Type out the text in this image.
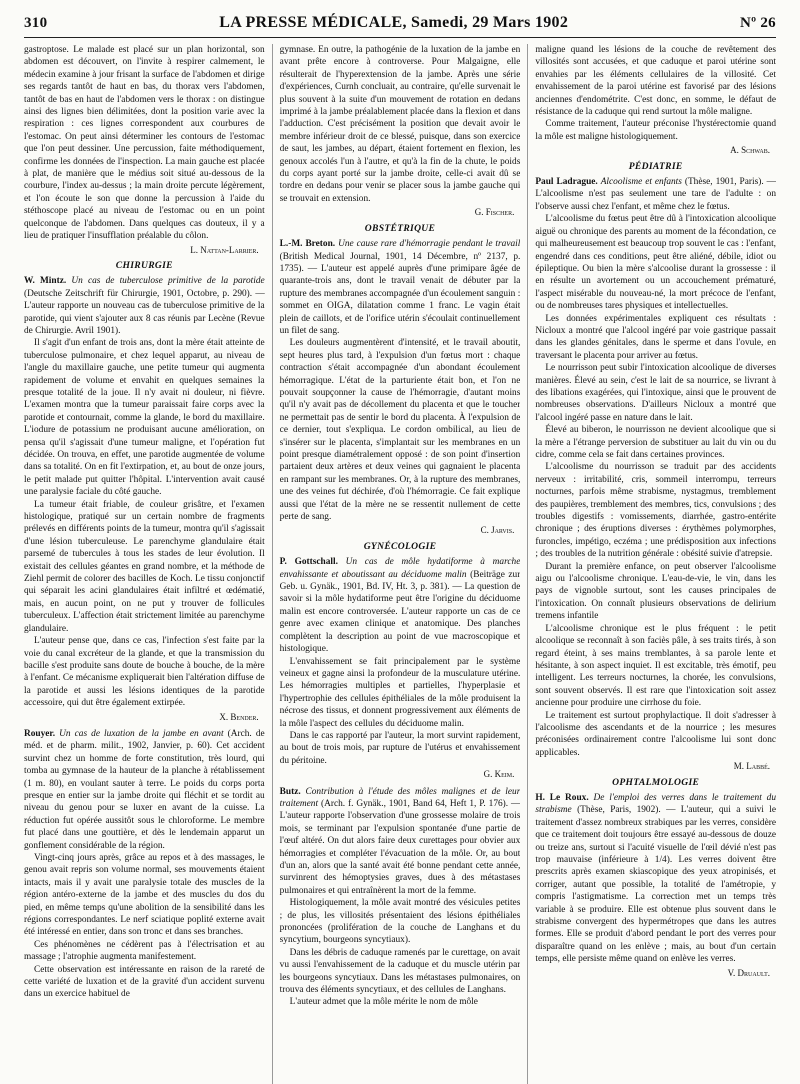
310	LA PRESSE MÉDICALE, Samedi, 29 Mars 1902	Nº 26

gastroptose. Le malade est placé sur un plan horizontal, son abdomen est découvert, on l'invite à respirer calmement, le médecin examine à jour frisant la surface de l'abdomen et dirige ses regards tantôt de haut en bas, du thorax vers l'abdomen, tantôt de bas en haut de l'abdomen vers le thorax : on distingue ainsi des lignes bien délimitées, dont la position varie avec la respiration : ces lignes correspondent aux courbures de l'estomac. On peut ainsi déterminer les contours de l'estomac que l'on peut dessiner. Une percussion, faite méthodiquement, confirme les données de l'inspection. La main gauche est placée à plat, de manière que le médius soit situé au-dessous de la courbure, l'index au-dessus ; la main droite percute légèrement, et l'on écoute le son que donne la percussion à l'aide du stéthoscope placé au niveau de l'estomac ou en un point quelconque de l'abdomen. Dans quelques cas douteux, il y a lieu de pratiquer l'insufflation préalable du côlon.

L. Nattan-Larrier.
CHIRURGIE

W. Mintz. Un cas de tuberculose primitive de la parotide (Deutsche Zeitschrift für Chirurgie, 1901, Octobre, p. 290). — L'auteur rapporte un nouveau cas de tuberculose primitive de la parotide, qui vient s'ajouter aux 8 cas réunis par Lecène (Revue de Chirurgie. Avril 1901).

Il s'agit d'un enfant de trois ans, dont la mère était atteinte de tuberculose pulmonaire, et chez lequel apparut, au niveau de l'angle du maxillaire gauche, une petite tumeur qui augmenta rapidement de volume et envahit en quelques semaines la presque totalité de la joue. Il n'y avait ni douleur, ni fièvre. L'examen montra que la tumeur paraissait faire corps avec la parotide et contournait, comme la glande, le bord du maxillaire. L'iodure de potassium ne produisant aucune amélioration, on pensa qu'il s'agissait d'une tumeur maligne, et l'opération fut décidée. On trouva, en effet, une parotide augmentée de volume dans sa totalité. On en fit l'extirpation, et, au bout de onze jours, le petit malade put quitter l'hôpital. L'intervention avait causé une paralysie faciale du côté gauche.

La tumeur était friable, de couleur grisâtre, et l'examen histologique, pratiqué sur un certain nombre de fragments prélevés en différents points de la tumeur, montra qu'il s'agissait d'une lésion tuberculeuse. Le parenchyme glandulaire était parsemé de tubercules à tous les stades de leur évolution. Il existait des cellules géantes en grand nombre, et la méthode de Ziehl permit de colorer des bacilles de Koch. Le tissu conjonctif qui séparait les acini glandulaires était infiltré et œdématié, mais, en aucun point, on ne put y trouver de follicules tuberculeux. L'affection était strictement limitée au parenchyme glandulaire.

L'auteur pense que, dans ce cas, l'infection s'est faite par la voie du canal excréteur de la glande, et que la transmission du bacille s'est produite sans doute de bouche à bouche, de la mère à l'enfant. Ce mécanisme expliquerait bien l'altération diffuse de la parotide et aussi les lésions identiques de la parotide accessoire, qui dut être également extirpée.

X. Bender.

Rouyer. Un cas de luxation de la jambe en avant (Arch. de méd. et de pharm. milit., 1902, Janvier, p. 60). Cet accident survint chez un homme de forte constitution, très lourd, qui tomba au gymnase de la hauteur de la planche à rétablissement (1 m. 80), en voulant sauter à terre. Le poids du corps porta presque en entier sur la jambe droite qui fléchit et se tordit au niveau du genou pour se luxer en avant de la cuisse. La réduction fut opérée aussitôt sous le chloroforme. Le membre fut placé dans une gouttière, et dès le lendemain apparut un gonflement considérable de la région.

Vingt-cinq jours après, grâce au repos et à des massages, le genou avait repris son volume normal, ses mouvements étaient intacts, mais il y avait une paralysie totale des muscles de la région antéro-externe de la jambe et des muscles du dos du pied, en même temps qu'une abolition de la sensibilité dans les régions correspondantes. Le nerf sciatique poplité externe avait été intéressé en entier, dans son tronc et dans ses branches.

Ces phénomènes ne cédèrent pas à l'électrisation et au massage ; l'atrophie augmenta manifestement.

Cette observation est intéressante en raison de la rareté de cette variété de luxation et de la gravité d'un accident survenu dans un exercice habituel de

gymnase. En outre, la pathogénie de la luxation de la jambe en avant prête encore à controverse. Pour Malgaigne, elle résulterait de l'hyperextension de la jambe. Après une série d'expériences, Curnh concluait, au contraire, qu'elle survenait le plus souvent à la suite d'un mouvement de rotation en dedans imprimé à la jambe préalablement placée dans la flexion et dans l'adduction. C'est précisément la position que devait avoir le membre inférieur droit de ce blessé, puisque, dans son exercice de saut, les jambes, au départ, étaient fortement en flexion, les genoux accolés l'un à l'autre, et qu'à la fin de la chute, le poids du corps ayant porté sur la jambe droite, celle-ci avait dû se tordre en dedans pour venir se placer sous la jambe gauche qui se trouvait en extension.

G. Fischer.
OBSTÉTRIQUE

L.-M. Breton. Une cause rare d'hémorragie pendant le travail (British Medical Journal, 1901, 14 Décembre, nº 2137, p. 1735). — L'auteur est appelé auprès d'une primipare âgée de quarante-trois ans, dont le travail venait de débuter par la rupture des membranes accompagnée d'un écoulement sanguin : sommet en OIGA, dilatation comme 1 franc. Le vagin était plein de caillots, et de l'orifice utérin s'écoulait continuellement un filet de sang.

Les douleurs augmentèrent d'intensité, et le travail aboutit, sept heures plus tard, à l'expulsion d'un fœtus mort : chaque contraction s'était accompagnée d'un abondant écoulement hémorragique. L'état de la parturiente était bon, et l'on ne pouvait soupçonner la cause de l'hémorragie, d'autant moins qu'il n'y avait pas de décollement du placenta et que le toucher ne permettait pas de sentir le bord du placenta. À l'expulsion de ce dernier, tout s'expliqua. Le cordon ombilical, au lieu de s'insérer sur le placenta, s'implantait sur les membranes en un point presque diamétralement opposé : de son point d'insertion partaient deux artères et deux veines qui gagnaient le placenta en rampant sur les membranes. Or, à la rupture des membranes, une des veines fut déchirée, d'où l'hémorragie. Ce fait explique aussi que l'état de la mère ne se ressentit nullement de cette perte de sang.

C. Jarvis.
GYNÉCOLOGIE

P. Gottschall. Un cas de môle hydatiforme à marche envahissante et aboutissant au déciduome malin (Beiträge zur Geb. u. Gynäk., 1901, Bd. IV, Ht. 3, p. 381). — La question de savoir si la môle hydatiforme peut être l'origine du déciduome malin est encore controversée. L'auteur rapporte un cas de ce genre avec examen clinique et anatomique. Des planches complètent la description au point de vue macroscopique et histologique.

L'envahissement se fait principalement par le système veineux et gagne ainsi la profondeur de la musculature utérine. Les hémorragies multiples et partielles, l'hyperplasie et l'hypertrophie des cellules épithéliales de la môle produisent la nécrose des tissus, et donnent progressivement aux éléments de la môle l'aspect des cellules du déciduome malin.

Dans le cas rapporté par l'auteur, la mort survint rapidement, au bout de trois mois, par rupture de l'utérus et envahissement du péritoine.

G. Keim.

Butz. Contribution à l'étude des môles malignes et de leur traitement (Arch. f. Gynäk., 1901, Band 64, Heft 1, P. 176). — L'auteur rapporte l'observation d'une grossesse molaire de trois mois, se terminant par l'expulsion spontanée d'une partie de l'œuf altéré. On dut alors faire deux curettages pour obvier aux hémorragies et compléter l'évacuation de la môle. Or, au bout d'un an, alors que la santé avait été bonne pendant cette année, survinrent des hémoptysies graves, dues à des métastases pulmonaires et qui entraînèrent la mort de la femme.

Histologiquement, la môle avait montré des vésicules petites ; de plus, les villosités présentaient des lésions épithéliales prononcées (prolifération de la couche de Langhans et du syncytium, bourgeons syncytiaux).

Dans les débris de caduque ramenés par le curettage, on avait vu aussi l'envahissement de la caduque et du muscle utérin par les bourgeons syncytiaux. Dans les métastases pulmonaires, on trouva des éléments syncytiaux, et des cellules de Langhans.

L'auteur admet que la môle mérite le nom de môle

maligne quand les lésions de la couche de revêtement des villosités sont accusées, et que caduque et paroi utérine sont envahies par les éléments cellulaires de la villosité. Cet envahissement de la paroi utérine est favorisé par des lésions anciennes d'endométrite. C'est donc, en somme, le défaut de résistance de la caduque qui rend surtout la môle maligne.

Comme traitement, l'auteur préconise l'hystérectomie quand la môle est maligne histologiquement.

A. Schwab.
PÉDIATRIE

Paul Ladrague. Alcoolisme et enfants (Thèse, 1901, Paris). — L'alcoolisme n'est pas seulement une tare de l'adulte : on l'observe aussi chez l'enfant, et même chez le fœtus.

L'alcoolisme du fœtus peut être dû à l'intoxication alcoolique aiguë ou chronique des parents au moment de la fécondation, ce qui malheureusement est beaucoup trop souvent le cas : l'enfant, engendré dans ces conditions, peut être aliéné, débile, idiot ou épileptique. Ou bien la mère s'alcoolise durant la grossesse : il en résulte un avortement ou un accouchement prématuré, l'aspect misérable du nouveau-né, la mort précoce de l'enfant, ou de nombreuses tares physiques et intellectuelles.

Les données expérimentales expliquent ces résultats : Nicloux a montré que l'alcool ingéré par voie gastrique passait dans les glandes génitales, dans le sperme et dans l'ovule, en traversant le placenta pour arriver au fœtus.

Le nourrisson peut subir l'intoxication alcoolique de diverses manières. Élevé au sein, c'est le lait de sa nourrice, se livrant à des libations exagérées, qui l'intoxique, ainsi que le prouvent de nombreuses observations. D'ailleurs Nicloux a montré que l'alcool ingéré passe en nature dans le lait.

Élevé au biberon, le nourrisson ne devient alcoolique que si la mère a l'étrange perversion de substituer au lait du vin ou du cidre, comme cela se fait dans certaines provinces.

L'alcoolisme du nourrisson se traduit par des accidents nerveux : irritabilité, cris, sommeil interrompu, terreurs nocturnes, parfois même strabisme, nystagmus, tremblement des paupières, tremblement des membres, tics, convulsions ; des troubles digestifs : vomissements, diarrhée, gastro-entérite chronique ; des éruptions diverses : érythèmes polymorphes, furoncles, impétigo, eczéma ; une prédisposition aux infections ; des troubles de la nutrition générale : obésité suivie d'atrepsie.

Durant la première enfance, on peut observer l'alcoolisme aigu ou l'alcoolisme chronique. L'eau-de-vie, le vin, dans les pays de vignoble surtout, sont les causes principales de l'intoxication. On connaît plusieurs observations de delirium tremens infantile

L'alcoolisme chronique est le plus fréquent : le petit alcoolique se reconnaît à son faciès pâle, à ses traits tirés, à son regard éteint, à ses mains tremblantes, à sa parole lente et hésitante, à son aspect inquiet. Il est excitable, très émotif, peu intelligent. Les terreurs nocturnes, la chorée, les convulsions, sont souvent observés. Il est rare que l'intoxication soit assez ancienne pour produire une cirrhose du foie.

Le traitement est surtout prophylactique. Il doit s'adresser à l'alcoolisme des ascendants et de la nourrice ; les mesures préconisées ordinairement contre l'alcoolisme lui sont donc applicables.

M. Labbé.
OPHTALMOLOGIE

H. Le Roux. De l'emploi des verres dans le traitement du strabisme (Thèse, Paris, 1902). — L'auteur, qui a suivi le traitement d'assez nombreux strabiques par les verres, considère que ce traitement doit toujours être essayé au-dessous de douze ou treize ans, surtout si l'acuité visuelle de l'œil dévié n'est pas trop mauvaise (inférieure à 1/4). Les verres doivent être prescrits après examen skiascopique des yeux atropinisés, et corriger, autant que possible, la totalité de l'amétropie, y compris l'astigmatisme. La correction met un temps très variable à se produire. Elle est obtenue plus souvent dans le strabisme convergent des hypermétropes que dans les autres formes. Elle se produit d'abord pendant le port des verres pour disparaître quand on les enlève ; mais, au bout d'un certain temps, elle persiste même quand on enlève les verres.

V. Druault.
